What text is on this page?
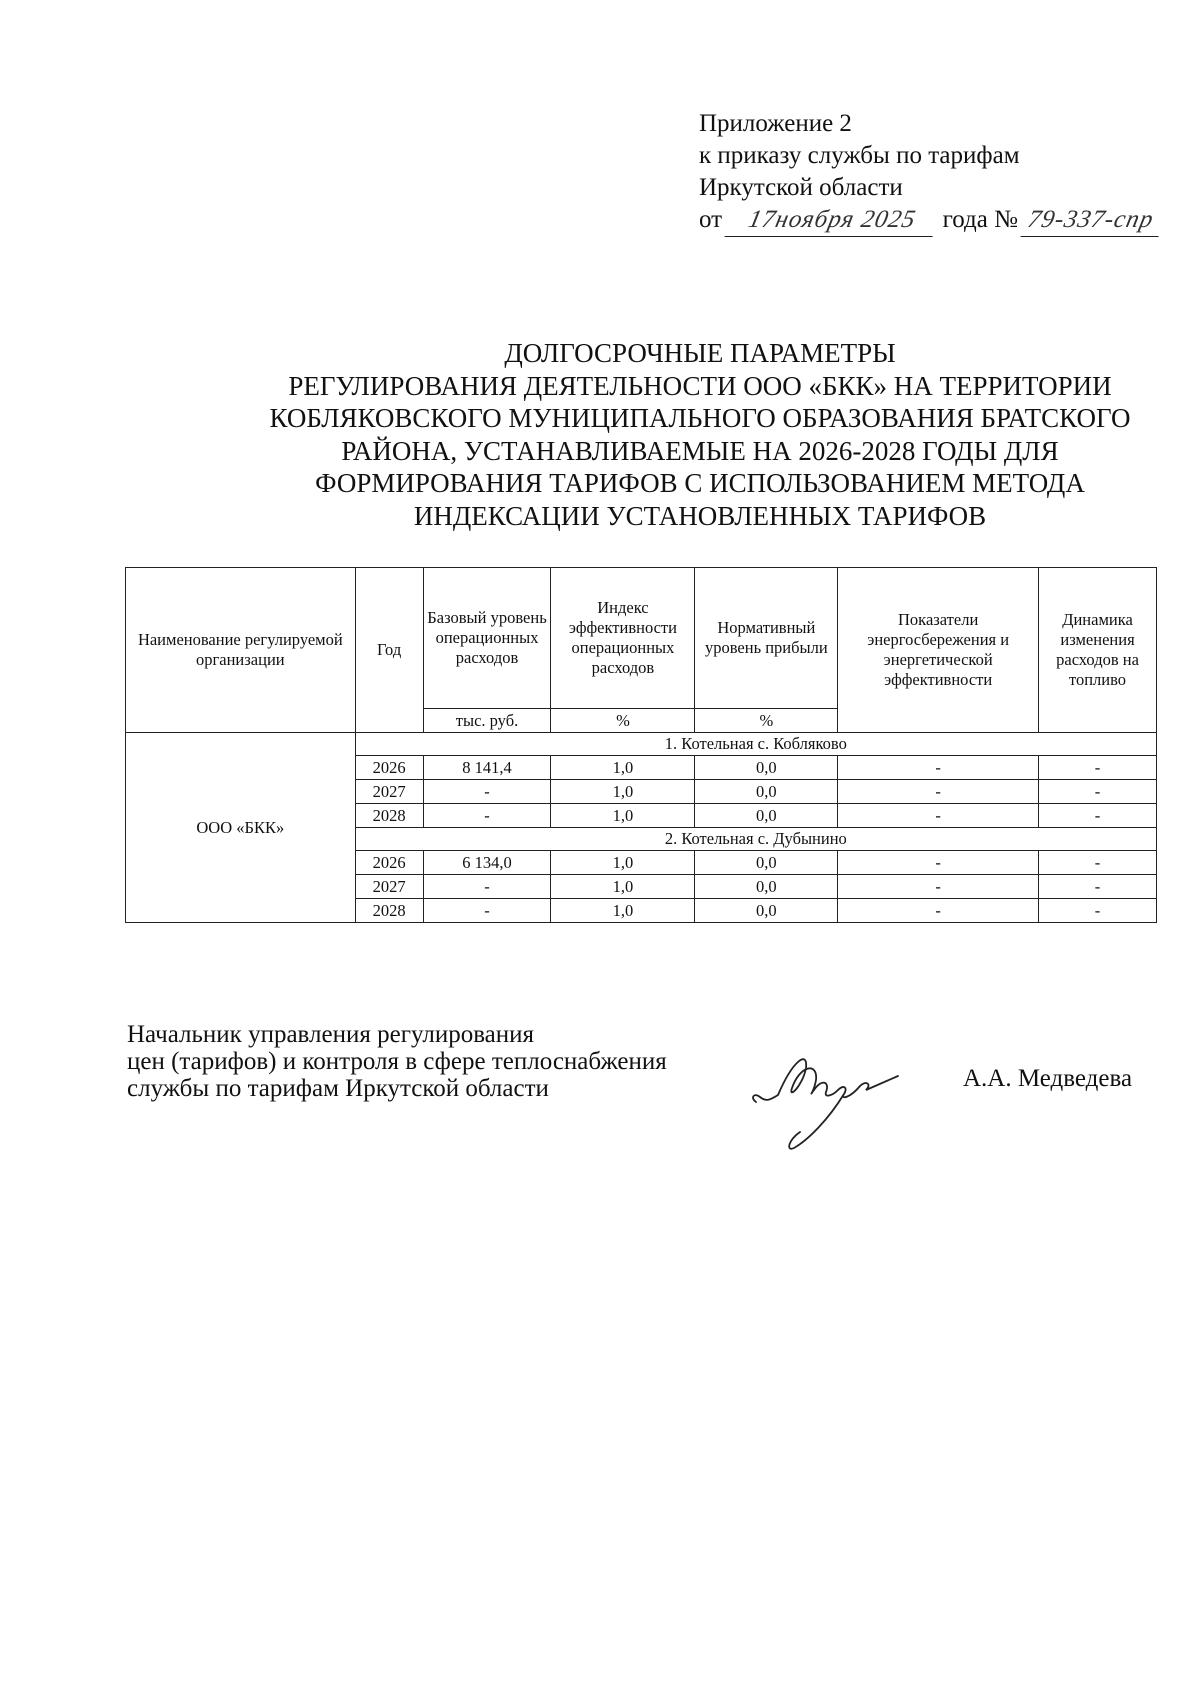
Приложение 2
к приказу службы по тарифам
Иркутской области
от 17ноября 2025 года № 79-337-спр
ДОЛГОСРОЧНЫЕ ПАРАМЕТРЫ
РЕГУЛИРОВАНИЯ ДЕЯТЕЛЬНОСТИ ООО «БКК» НА ТЕРРИТОРИИ
КОБЛЯКОВСКОГО МУНИЦИПАЛЬНОГО ОБРАЗОВАНИЯ БРАТСКОГО
РАЙОНА, УСТАНАВЛИВАЕМЫЕ НА 2026-2028 ГОДЫ ДЛЯ
ФОРМИРОВАНИЯ ТАРИФОВ С ИСПОЛЬЗОВАНИЕМ МЕТОДА
ИНДЕКСАЦИИ УСТАНОВЛЕННЫХ ТАРИФОВ
Наименование регулируемой организации	Год	Базовый уровень операционных расходов	Индекс эффективности операционных расходов	Нормативный уровень прибыли	Показатели энергосбережения и энергетической эффективности	Динамика изменения расходов на топливо
		тыс. руб.	%	%		
ООО «БКК»	1. Котельная с. Кобляково					
	2026	8 141,4	1,0	0,0	-	-
	2027	-	1,0	0,0	-	-
	2028	-	1,0	0,0	-	-
	2. Котельная с. Дубынино					
	2026	6 134,0	1,0	0,0	-	-
	2027	-	1,0	0,0	-	-
	2028	-	1,0	0,0	-	-
Начальник управления регулирования
цен (тарифов) и контроля в сфере теплоснабжения
службы по тарифам Иркутской области	А.А. Медведева
